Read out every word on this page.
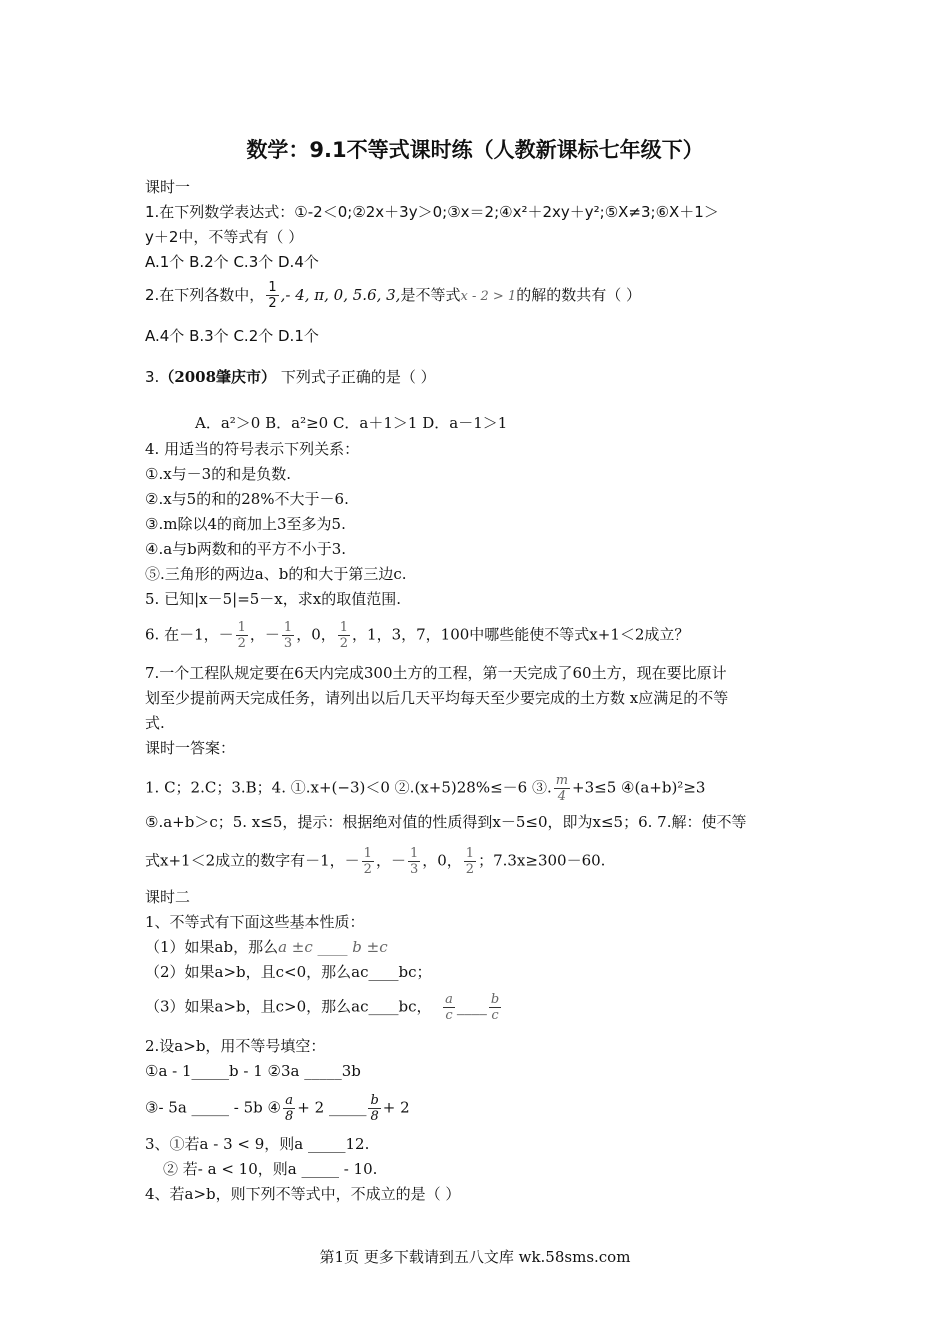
数学：9.1不等式课时练（人教新课标七年级下）
课时一
1.在下列数学表达式：①-2＜0;②2x＋3y＞0;③x＝2;④x²＋2xy＋y²;⑤X≠3;⑥X＋1＞
y＋2中，不等式有（ ）
A.1个 B.2个 C.3个 D.4个
2.在下列各数中， $\frac{1}{2}$ ,- 4, π, 0, 5.6, 3,是不等式x - 2 > 1的解的数共有（ ）
A.4个 B.3个 C.2个 D.1个
3.（2008肇庆市） 下列式子正确的是（ ）
A．a²＞0 B．a²≥0 C．a＋1＞1 D．a－1＞1
4. 用适当的符号表示下列关系：
①.x与－3的和是负数.
②.x与5的和的28%不大于－6.
③.m除以4的商加上3至多为5.
④.a与b两数和的平方不小于3.
⑤.三角形的两边a、b的和大于第三边c.
5. 已知|x－5|=5－x，求x的取值范围.
6. 在－1，－ $\frac{1}{2}$ ，－ $\frac{1}{3}$ ，0， $\frac{1}{2}$ ，1，3，7，100中哪些能使不等式x+1＜2成立？
7.一个工程队规定要在6天内完成300土方的工程，第一天完成了60土方，现在要比原计
划至少提前两天完成任务，请列出以后几天平均每天至少要完成的土方数 x应满足的不等
式.
课时一答案：
1. C；2.C；3.B；4. ①.x+(−3)＜0 ②.(x+5)28%≤－6 ③. $\frac{m}{4} +3\le 5$ ④(a+b)²≥3
⑤.a+b＞c；5. x≤5，提示：根据绝对值的性质得到x－5≤0，即为x≤5；6. 7.解：使不等
式x+1＜2成立的数字有－1，－ $\frac{1}{2}$ ，－ $\frac{1}{3}$ ，0， $\frac{1}{2}$ ；7.3x≥300－60.
课时二
1、不等式有下面这些基本性质：
（1）如果ab，那么a ±c ____ b ±c
（2）如果a>b，且c<0，那么ac____bc；
（3）如果a>b，且c>0，那么ac____bc， $\frac{a}{c}$ ____ $\frac{b}{c}$
2.设a>b，用不等号填空：
①a - 1_____b - 1 ②3a _____3b
③- 5a _____ - 5b ④ $\frac{a}{8} + 2$ _____ $\frac{b}{8} + 2$
3、①若a - 3 < 9，则a _____12.
② 若- a < 10，则a _____ - 10.
4、若a>b，则下列不等式中，不成立的是（ ）
第1页 更多下载请到五八文库 wk.58sms.com
